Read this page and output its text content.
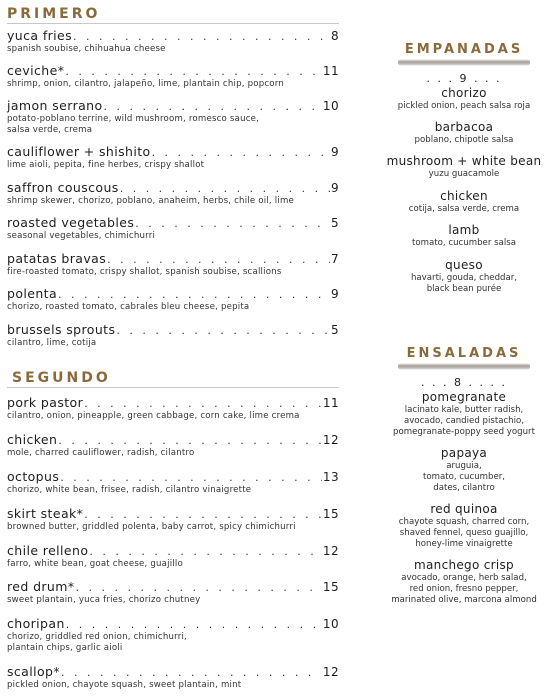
PRIMERO
yuca fries . . .	8
spanish soubise, chihuahua cheese
ceviche* . . .	11
shrimp, onion, cilantro, jalapeño, lime, plantain chip, popcorn
jamon serrano . . .	10
potato-poblano terrine, wild mushroom, romesco sauce,
salsa verde, crema
cauliflower + shishito . . .	9
lime aioli, pepita, fine herbes, crispy shallot
saffron couscous . . .	9
shrimp skewer, chorizo, poblano, anaheim, herbs, chile oil, lime
roasted vegetables . . .	5
seasonal vegetables, chimichurri
patatas bravas . . .	7
fire-roasted tomato, crispy shallot, spanish soubise, scallions
polenta . . .	9
chorizo, roasted tomato, cabrales bleu cheese, pepita
brussels sprouts . . .	5
cilantro, lime, cotija
SEGUNDO
pork pastor . . .	11
cilantro, onion, pineapple, green cabbage, corn cake, lime crema
chicken . . .	12
mole, charred cauliflower, radish, cilantro
octopus . . .	13
chorizo, white bean, frisee, radish, cilantro vinaigrette
skirt steak* . . .	15
browned butter, griddled polenta, baby carrot, spicy chimichurri
chile relleno . . .	12
farro, white bean, goat cheese, guajillo
red drum* . . .	15
sweet plantain, yuca fries, chorizo chutney
choripan . . .	10
chorizo, griddled red onion, chimichurri,
plantain chips, garlic aioli
scallop* . . .	12
pickled onion, chayote squash, sweet plantain, mint
EMPANADAS
. . . 9 . . .
chorizo
pickled onion, peach salsa roja
barbacoa
poblano, chipotle salsa
mushroom + white bean
yuzu guacamole
chicken
cotija, salsa verde, crema
lamb
tomato, cucumber salsa
queso
havarti, gouda, cheddar,
black bean purée
ENSALADAS
. . . 8 . . . .
pomegranate
lacinato kale, butter radish,
avocado, candied pistachio,
pomegranate-poppy seed yogurt
papaya
aruguia,
tomato, cucumber,
dates, cilantro
red quinoa
chayote squash, charred corn,
shaved fennel, queso guajillo,
honey-lime vinaigrette
manchego crisp
avocado, orange, herb salad,
red onion, fresno pepper,
marinated olive, marcona almond
